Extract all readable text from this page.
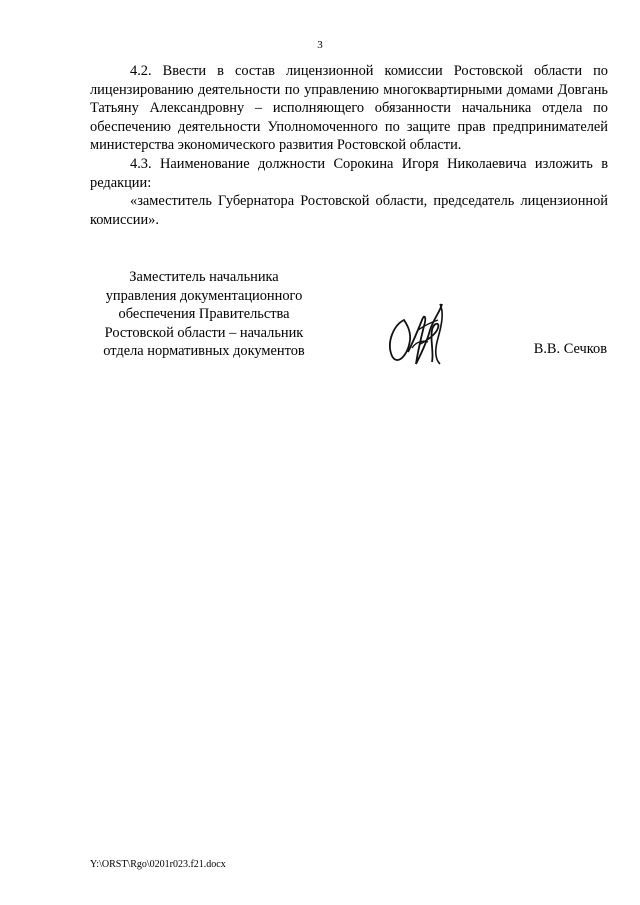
3

4.2. Ввести в состав лицензионной комиссии Ростовской области по лицензированию деятельности по управлению многоквартирными домами Довгань Татьяну Александровну – исполняющего обязанности начальника отдела по обеспечению деятельности Уполномоченного по защите прав предпринимателей министерства экономического развития Ростовской области.

4.3. Наименование должности Сорокина Игоря Николаевича изложить в редакции:

«заместитель Губернатора Ростовской области, председатель лицензионной комиссии».

Заместитель начальника
управления документационного
обеспечения Правительства
Ростовской области – начальник
отдела нормативных документов	В.В. Сечков
Y:\ORST\Rgo\0201r023.f21.docx
